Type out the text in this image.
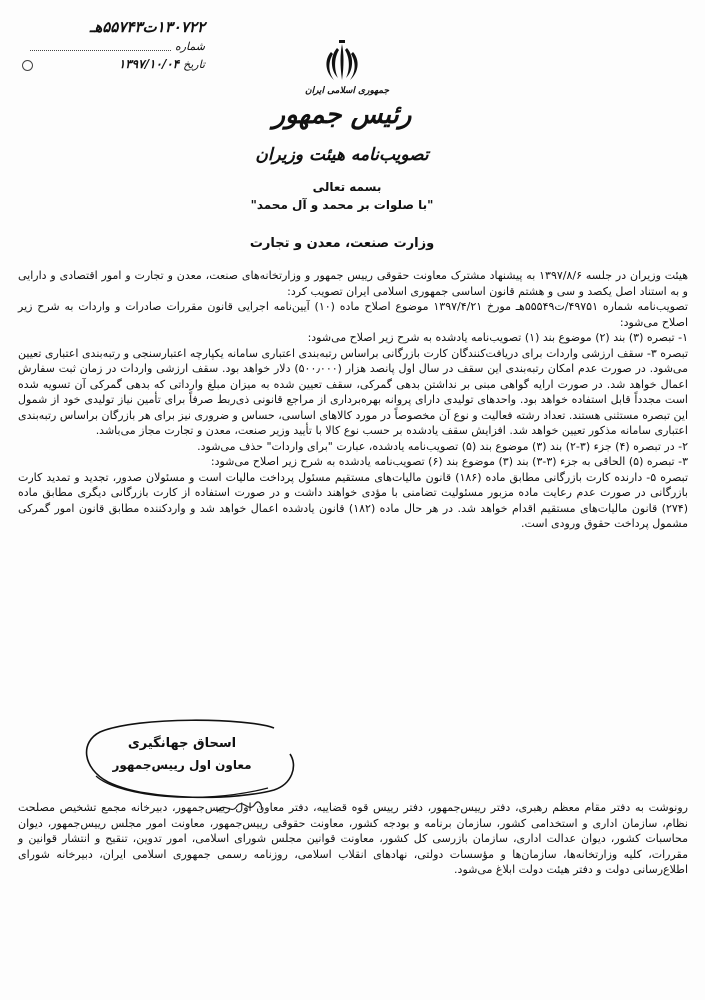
۱۳۰۷۲۲ت۵۵۷۴۳هـ
شماره
تاریخ
۱۳۹۷/۱۰/۰۴
جمهوری اسلامی ایران
رئیس جمهور
تصویب‌نامه هیئت وزیران
بسمه تعالی
"با صلوات بر محمد و آل محمد"
وزارت صنعت، معدن و تجارت

هیئت وزیران در جلسه ۱۳۹۷/۸/۶ به پیشنهاد مشترک معاونت حقوقی رییس جمهور و وزارتخانه‌های صنعت، معدن و تجارت و امور اقتصادی و دارایی و به استناد اصل یکصد و سی و هشتم قانون اساسی جمهوری اسلامی ایران تصویب کرد:

تصویب‌نامه شماره ۴۹۷۵۱/ت۵۵۵۴۹هـ مورخ ۱۳۹۷/۴/۲۱ موضوع اصلاح ماده (۱۰) آیین‌نامه اجرایی قانون مقررات صادرات و واردات به شرح زیر اصلاح می‌شود:

۱- تبصره (۳) بند (۲) موضوع بند (۱) تصویب‌نامه یادشده به شرح زیر اصلاح می‌شود:

تبصره ۳- سقف ارزشی واردات برای دریافت‌کنندگان کارت بازرگانی براساس رتبه‌بندی اعتباری سامانه یکپارچه اعتبارسنجی و رتبه‌بندی اعتباری تعیین می‌شود. در صورت عدم امکان رتبه‌بندی این سقف در سال اول پانصد هزار (۵۰۰٫۰۰۰) دلار خواهد بود. سقف ارزشی واردات در زمان ثبت سفارش اعمال خواهد شد. در صورت ارایه گواهی مبنی بر نداشتن بدهی گمرکی، سقف تعیین شده به میزان مبلغ وارداتی که بدهی گمرکی آن تسویه شده است مجدداً قابل استفاده خواهد بود. واحدهای تولیدی دارای پروانه بهره‌برداری از مراجع قانونی ذی‌ربط صرفاً برای تأمین نیاز تولیدی خود از شمول این تبصره مستثنی هستند. تعداد رشته فعالیت و نوع آن مخصوصاً در مورد کالاهای اساسی، حساس و ضروری نیز برای هر بازرگان براساس رتبه‌بندی اعتباری سامانه مذکور تعیین خواهد شد. افزایش سقف یادشده بر حسب نوع کالا با تأیید وزیر صنعت، معدن و تجارت مجاز می‌باشد.

۲- در تبصره (۴) جزء (۳-۲) بند (۳) موضوع بند (۵) تصویب‌نامه یادشده، عبارت "برای واردات" حذف می‌شود.

۳- تبصره (۵) الحاقی به جزء (۳-۳) بند (۳) موضوع بند (۶) تصویب‌نامه یادشده به شرح زیر اصلاح می‌شود:

تبصره ۵- دارنده کارت بازرگانی مطابق ماده (۱۸۶) قانون مالیات‌های مستقیم مسئول پرداخت مالیات است و مسئولان صدور، تجدید و تمدید کارت بازرگانی در صورت عدم رعایت ماده مزبور مسئولیت تضامنی با مؤدی خواهند داشت و در صورت استفاده از کارت بازرگانی دیگری مطابق ماده (۲۷۴) قانون مالیات‌های مستقیم اقدام خواهد شد. در هر حال ماده (۱۸۲) قانون یادشده اعمال خواهد شد و واردکننده مطابق قانون امور گمرکی مشمول پرداخت حقوق ورودی است.

اسحاق جهانگیری
معاون اول رییس‌جمهور

رونوشت به دفتر مقام معظم رهبری، دفتر رییس‌جمهور، دفتر رییس قوه قضاییه، دفتر معاون اول رییس‌جمهور، دبیرخانه مجمع تشخیص مصلحت نظام، سازمان اداری و استخدامی کشور، سازمان برنامه و بودجه کشور، معاونت حقوقی رییس‌جمهور، معاونت امور مجلس رییس‌جمهور، دیوان محاسبات کشور، دیوان عدالت اداری، سازمان بازرسی کل کشور، معاونت قوانین مجلس شورای اسلامی، امور تدوین، تنقیح و انتشار قوانین و مقررات، کلیه وزارتخانه‌ها، سازمان‌ها و مؤسسات دولتی، نهادهای انقلاب اسلامی، روزنامه رسمی جمهوری اسلامی ایران، دبیرخانه شورای اطلاع‌رسانی دولت و دفتر هیئت دولت ابلاغ می‌شود.
